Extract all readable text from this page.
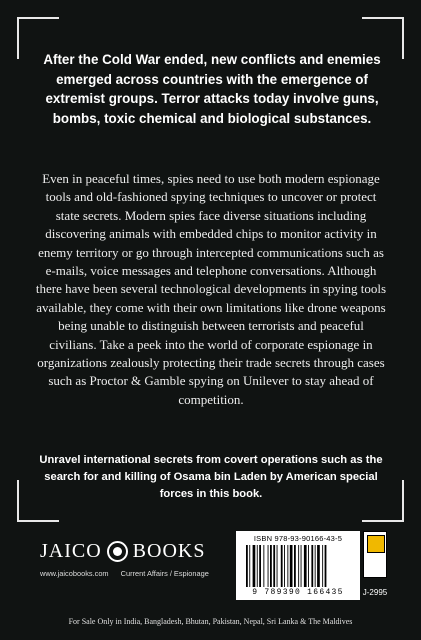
After the Cold War ended, new conflicts and enemies emerged across countries with the emergence of extremist groups. Terror attacks today involve guns, bombs, toxic chemical and biological substances.
Even in peaceful times, spies need to use both modern espionage tools and old-fashioned spying techniques to uncover or protect state secrets. Modern spies face diverse situations including discovering animals with embedded chips to monitor activity in enemy territory or go through intercepted communications such as e-mails, voice messages and telephone conversations. Although there have been several technological developments in spying tools available, they come with their own limitations like drone weapons being unable to distinguish between terrorists and peaceful civilians. Take a peek into the world of corporate espionage in organizations zealously protecting their trade secrets through cases such as Proctor & Gamble spying on Unilever to stay ahead of competition.
Unravel international secrets from covert operations such as the search for and killing of Osama bin Laden by American special forces in this book.
JAICO BOOKS
www.jaicobooks.com Current Affairs / Espionage
ISBN 978-93-90166-43-5
9 789390 166435	J-2995
For Sale Only in India, Bangladesh, Bhutan, Pakistan, Nepal, Sri Lanka & The Maldives
